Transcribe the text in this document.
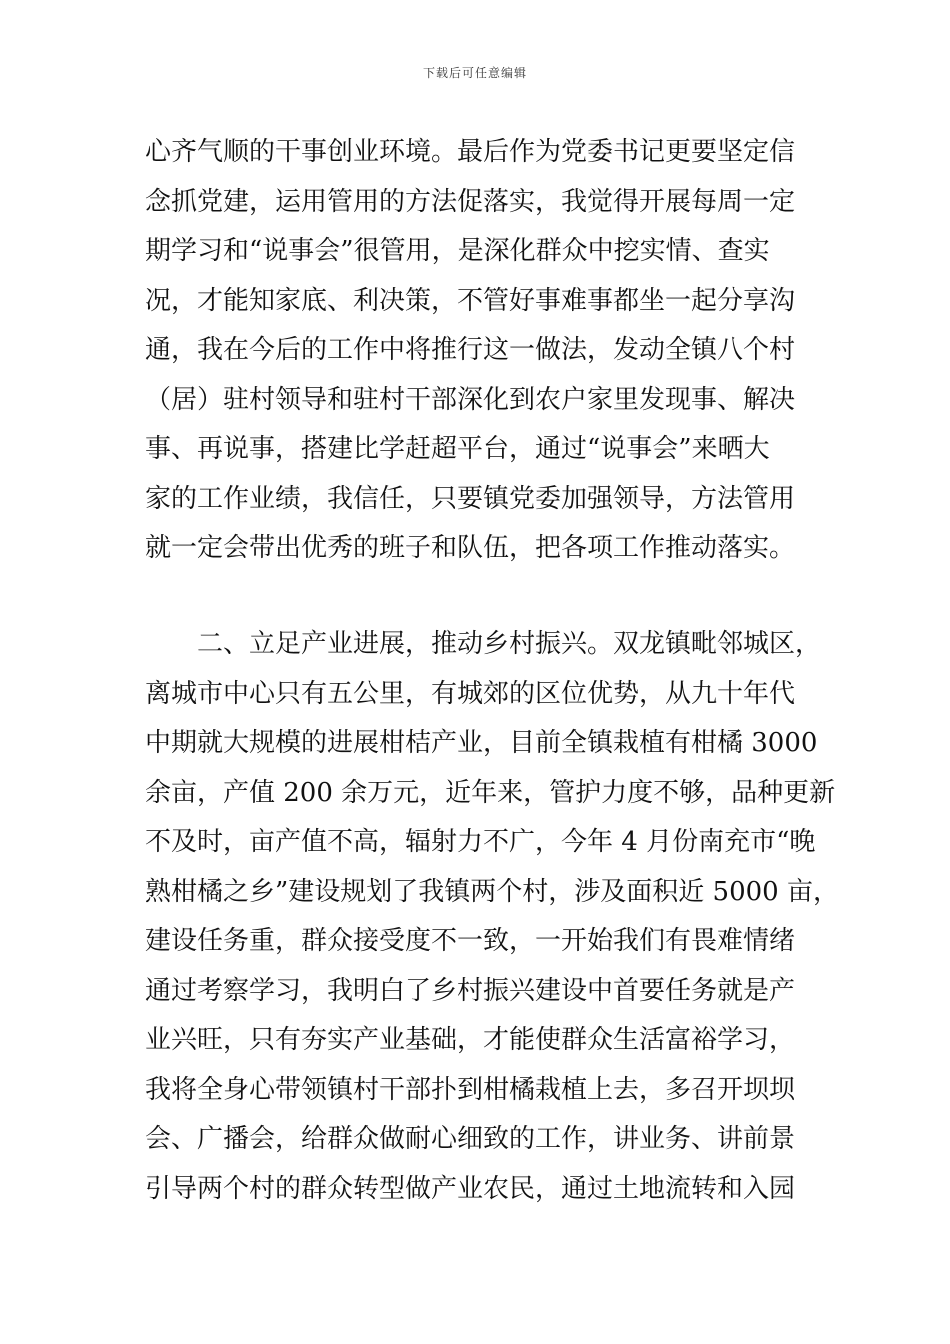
下载后可任意编辑
心齐气顺的干事创业环境。最后作为党委书记更要坚定信
念抓党建，运用管用的方法促落实，我觉得开展每周一定
期学习和“说事会”很管用，是深化群众中挖实情、查实
况，才能知家底、利决策，不管好事难事都坐一起分享沟
通，我在今后的工作中将推行这一做法，发动全镇八个村
（居）驻村领导和驻村干部深化到农户家里发现事、解决
事、再说事，搭建比学赶超平台，通过“说事会”来晒大
家的工作业绩，我信任，只要镇党委加强领导，方法管用
就一定会带出优秀的班子和队伍，把各项工作推动落实。
二、立足产业进展，推动乡村振兴。双龙镇毗邻城区，
离城市中心只有五公里，有城郊的区位优势，从九十年代
中期就大规模的进展柑桔产业，目前全镇栽植有柑橘 3000
余亩，产值 200 余万元，近年来，管护力度不够，品种更新
不及时，亩产值不高，辐射力不广，今年 4 月份南充市“晚
熟柑橘之乡”建设规划了我镇两个村，涉及面积近 5000 亩，
建设任务重，群众接受度不一致，一开始我们有畏难情绪
通过考察学习，我明白了乡村振兴建设中首要任务就是产
业兴旺，只有夯实产业基础，才能使群众生活富裕学习，
我将全身心带领镇村干部扑到柑橘栽植上去，多召开坝坝
会、广播会，给群众做耐心细致的工作，讲业务、讲前景
引导两个村的群众转型做产业农民，通过土地流转和入园
